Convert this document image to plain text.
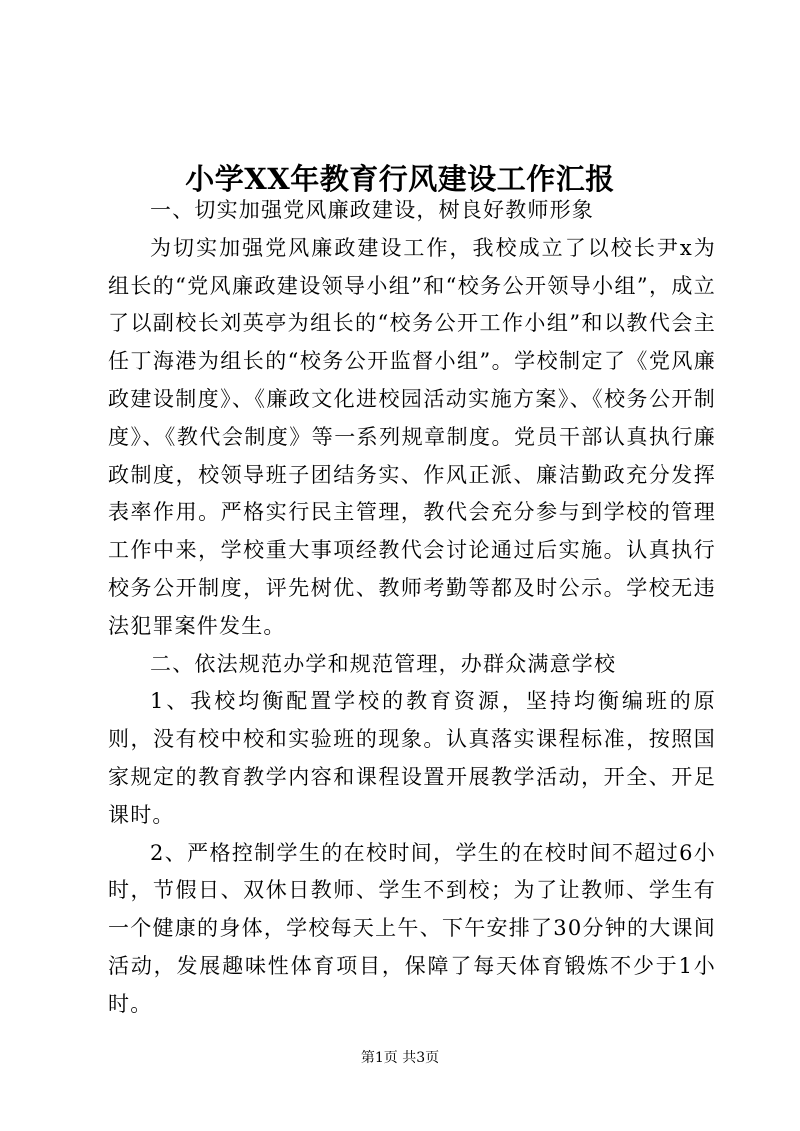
小学XX年教育行风建设工作汇报

一、切实加强党风廉政建设，树良好教师形象

为切实加强党风廉政建设工作，我校成立了以校长尹x为组长的“党风廉政建设领导小组”和“校务公开领导小组”，成立了以副校长刘英亭为组长的“校务公开工作小组”和以教代会主任丁海港为组长的“校务公开监督小组”。学校制定了《党风廉政建设制度》、《廉政文化进校园活动实施方案》、《校务公开制度》、《教代会制度》等一系列规章制度。党员干部认真执行廉政制度，校领导班子团结务实、作风正派、廉洁勤政充分发挥表率作用。严格实行民主管理，教代会充分参与到学校的管理工作中来，学校重大事项经教代会讨论通过后实施。认真执行校务公开制度，评先树优、教师考勤等都及时公示。学校无违法犯罪案件发生。

二、依法规范办学和规范管理，办群众满意学校

1、我校均衡配置学校的教育资源，坚持均衡编班的原则，没有校中校和实验班的现象。认真落实课程标准，按照国家规定的教育教学内容和课程设置开展教学活动，开全、开足课时。

2、严格控制学生的在校时间，学生的在校时间不超过6小时，节假日、双休日教师、学生不到校；为了让教师、学生有一个健康的身体，学校每天上午、下午安排了30分钟的大课间活动，发展趣味性体育项目，保障了每天体育锻炼不少于1小时。

第1页 共3页
